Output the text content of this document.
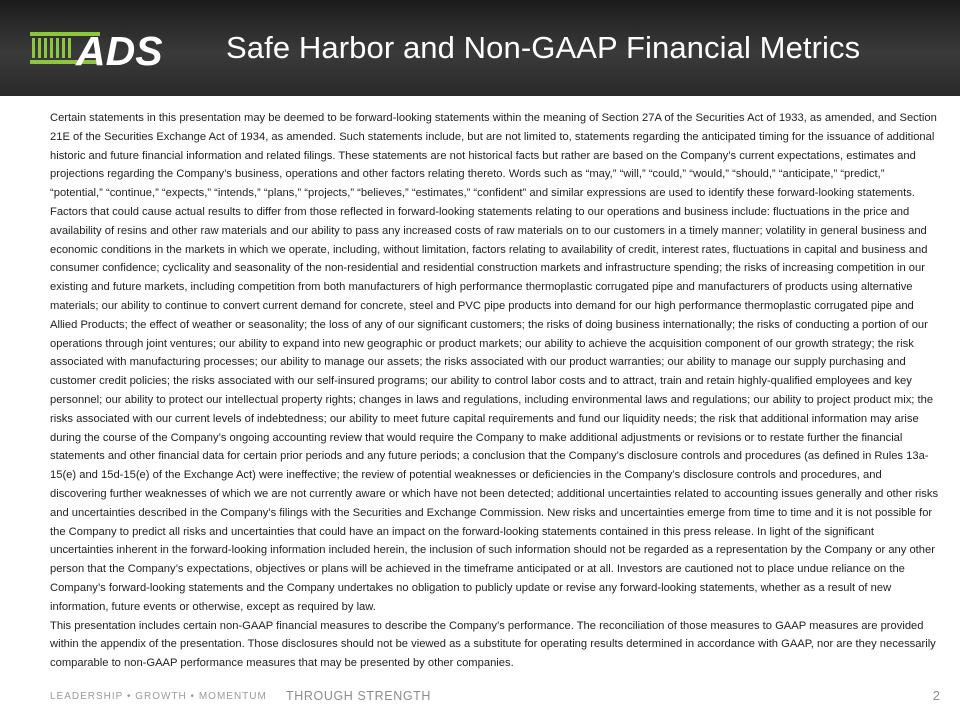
ADS Safe Harbor and Non-GAAP Financial Metrics

Certain statements in this presentation may be deemed to be forward-looking statements within the meaning of Section 27A of the Securities Act of 1933, as amended, and Section 21E of the Securities Exchange Act of 1934, as amended. Such statements include, but are not limited to, statements regarding the anticipated timing for the issuance of additional historic and future financial information and related filings. These statements are not historical facts but rather are based on the Company’s current expectations, estimates and projections regarding the Company’s business, operations and other factors relating thereto. Words such as “may,” “will,” “could,” “would,” “should,” “anticipate,” “predict,” “potential,” “continue,” “expects,” “intends,” “plans,” “projects,” “believes,” “estimates,” “confident” and similar expressions are used to identify these forward-looking statements. Factors that could cause actual results to differ from those reflected in forward-looking statements relating to our operations and business include: fluctuations in the price and availability of resins and other raw materials and our ability to pass any increased costs of raw materials on to our customers in a timely manner; volatility in general business and economic conditions in the markets in which we operate, including, without limitation, factors relating to availability of credit, interest rates, fluctuations in capital and business and consumer confidence; cyclicality and seasonality of the non-residential and residential construction markets and infrastructure spending; the risks of increasing competition in our existing and future markets, including competition from both manufacturers of high performance thermoplastic corrugated pipe and manufacturers of products using alternative materials; our ability to continue to convert current demand for concrete, steel and PVC pipe products into demand for our high performance thermoplastic corrugated pipe and Allied Products; the effect of weather or seasonality; the loss of any of our significant customers; the risks of doing business internationally; the risks of conducting a portion of our operations through joint ventures; our ability to expand into new geographic or product markets; our ability to achieve the acquisition component of our growth strategy; the risk associated with manufacturing processes; our ability to manage our assets; the risks associated with our product warranties; our ability to manage our supply purchasing and customer credit policies; the risks associated with our self-insured programs; our ability to control labor costs and to attract, train and retain highly-qualified employees and key personnel; our ability to protect our intellectual property rights; changes in laws and regulations, including environmental laws and regulations; our ability to project product mix; the risks associated with our current levels of indebtedness; our ability to meet future capital requirements and fund our liquidity needs; the risk that additional information may arise during the course of the Company’s ongoing accounting review that would require the Company to make additional adjustments or revisions or to restate further the financial statements and other financial data for certain prior periods and any future periods; a conclusion that the Company’s disclosure controls and procedures (as defined in Rules 13a-15(e) and 15d-15(e) of the Exchange Act) were ineffective; the review of potential weaknesses or deficiencies in the Company’s disclosure controls and procedures, and discovering further weaknesses of which we are not currently aware or which have not been detected; additional uncertainties related to accounting issues generally and other risks and uncertainties described in the Company’s filings with the Securities and Exchange Commission. New risks and uncertainties emerge from time to time and it is not possible for the Company to predict all risks and uncertainties that could have an impact on the forward-looking statements contained in this press release. In light of the significant uncertainties inherent in the forward-looking information included herein, the inclusion of such information should not be regarded as a representation by the Company or any other person that the Company’s expectations, objectives or plans will be achieved in the timeframe anticipated or at all. Investors are cautioned not to place undue reliance on the Company’s forward-looking statements and the Company undertakes no obligation to publicly update or revise any forward-looking statements, whether as a result of new information, future events or otherwise, except as required by law.

This presentation includes certain non-GAAP financial measures to describe the Company’s performance. The reconciliation of those measures to GAAP measures are provided within the appendix of the presentation. Those disclosures should not be viewed as a substitute for operating results determined in accordance with GAAP, nor are they necessarily comparable to non-GAAP performance measures that may be presented by other companies.

LEADERSHIP • GROWTH • MOMENTUM THROUGH STRENGTH	2
